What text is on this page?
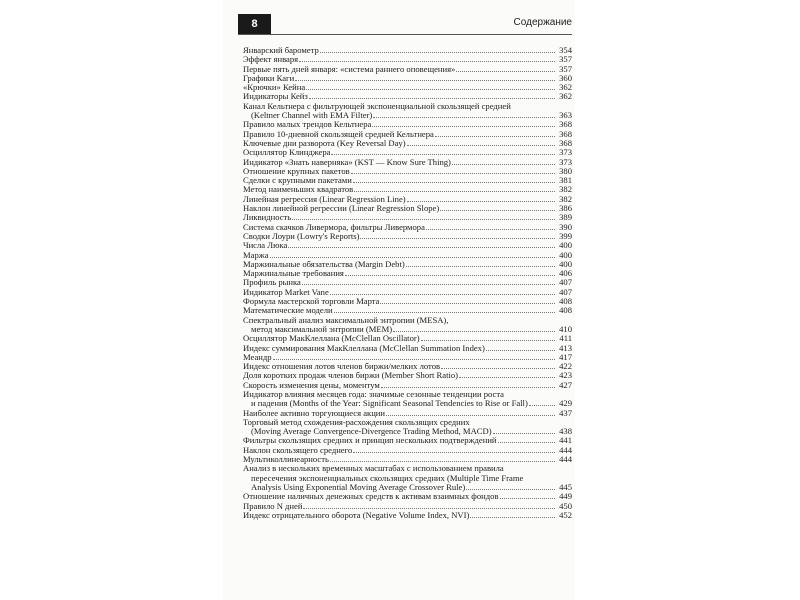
8	Содержание
Январский барометр	354
Эффект января	357
Первые пять дней января: «система раннего оповещения»	357
Графики Каги	360
«Крючки» Кейна	362
Индикаторы Кейз	362
Канал Кельтнера с фильтрующей экспоненциальной скользящей средней
(Keltner Channel with EMA Filter)	363
Правило малых трендов Кельтнера	368
Правило 10-дневной скользящей средней Кельтнера	368
Ключевые дни разворота (Key Reversal Day)	368
Осциллятор Клинджера	373
Индикатор «Знать наверняка» (KST — Know Sure Thing)	373
Отношение крупных пакетов	380
Сделки с крупными пакетами	381
Метод наименьших квадратов	382
Линейная регрессия (Linear Regression Line)	382
Наклон линейной регрессии (Linear Regression Slope)	386
Ликвидность	389
Система скачков Ливермора, фильтры Ливермора	390
Сводки Лоури (Lowry's Reports)	399
Числа Люка	400
Маржа	400
Маржинальные обязательства (Margin Debt)	400
Маржинальные требования	406
Профиль рынка	407
Индикатор Market Vane	407
Формула мастерской торговли Марта	408
Математические модели	408
Спектральный анализ максимальной энтропии (MESA),
метод максимальной энтропии (MEM)	410
Осциллятор МакКлеллана (McClellan Oscillator)	411
Индекс суммирования МакКлеллана (McClellan Summation Index)	413
Меандр	417
Индекс отношения лотов членов биржи/мелких лотов	422
Доля коротких продаж членов биржи (Member Short Ratio)	423
Скорость изменения цены, моментум	427
Индикатор влияния месяцев года: значимые сезонные тенденции роста
и падения (Months of the Year: Significant Seasonal Tendencies to Rise or Fall)	429
Наиболее активно торгующиеся акции	437
Торговый метод схождения-расхождения скользящих средних
(Moving Average Convergence-Divergence Trading Method, MACD)	438
Фильтры скользящих средних и принцип нескольких подтверждений	441
Наклон скользящего среднего	444
Мультиколлинеарность	444
Анализ в нескольких временных масштабах с использованием правила
пересечения экспоненциальных скользящих средних (Multiple Time Frame
Analysis Using Exponential Moving Average Crossover Rule)	445
Отношение наличных денежных средств к активам взаимных фондов	449
Правило N дней	450
Индекс отрицательного оборота (Negative Volume Index, NVI)	452
